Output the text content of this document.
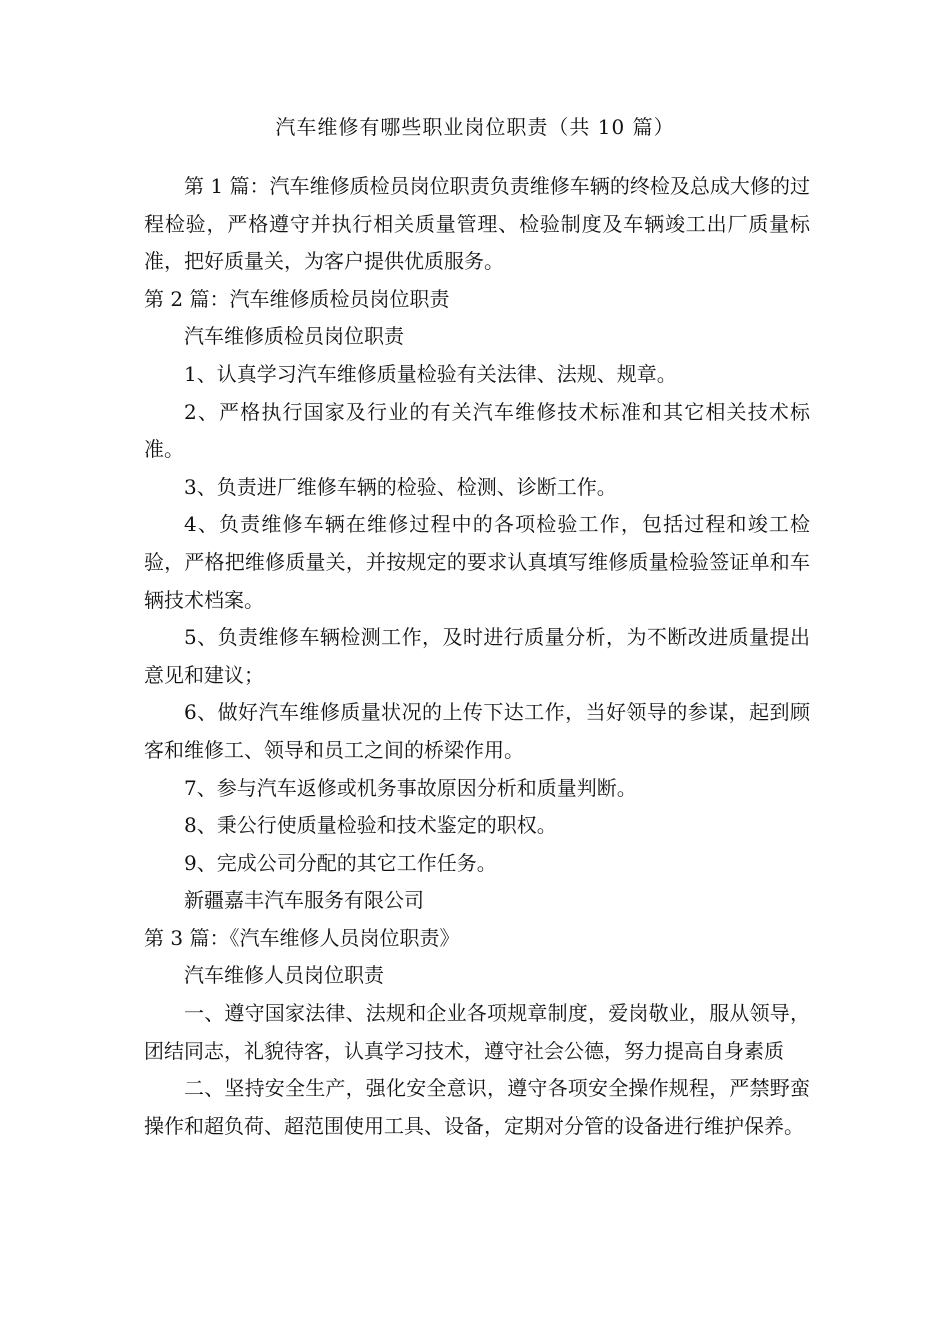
汽车维修有哪些职业岗位职责（共 10 篇）

第 1 篇：汽车维修质检员岗位职责负责维修车辆的终检及总成大修的过程检验，严格遵守并执行相关质量管理、检验制度及车辆竣工出厂质量标准，把好质量关，为客户提供优质服务。

第 2 篇：汽车维修质检员岗位职责

汽车维修质检员岗位职责

1、认真学习汽车维修质量检验有关法律、法规、规章。

2、严格执行国家及行业的有关汽车维修技术标准和其它相关技术标准。

3、负责进厂维修车辆的检验、检测、诊断工作。

4、负责维修车辆在维修过程中的各项检验工作，包括过程和竣工检验，严格把维修质量关，并按规定的要求认真填写维修质量检验签证单和车辆技术档案。

5、负责维修车辆检测工作，及时进行质量分析，为不断改进质量提出意见和建议；

6、做好汽车维修质量状况的上传下达工作，当好领导的参谋，起到顾客和维修工、领导和员工之间的桥梁作用。

7、参与汽车返修或机务事故原因分析和质量判断。

8、秉公行使质量检验和技术鉴定的职权。

9、完成公司分配的其它工作任务。

新疆嘉丰汽车服务有限公司

第 3 篇：《汽车维修人员岗位职责》

汽车维修人员岗位职责

一、遵守国家法律、法规和企业各项规章制度，爱岗敬业，服从领导，团结同志，礼貌待客，认真学习技术，遵守社会公德，努力提高自身素质

二、坚持安全生产，强化安全意识，遵守各项安全操作规程，严禁野蛮操作和超负荷、超范围使用工具、设备，定期对分管的设备进行维护保养。
